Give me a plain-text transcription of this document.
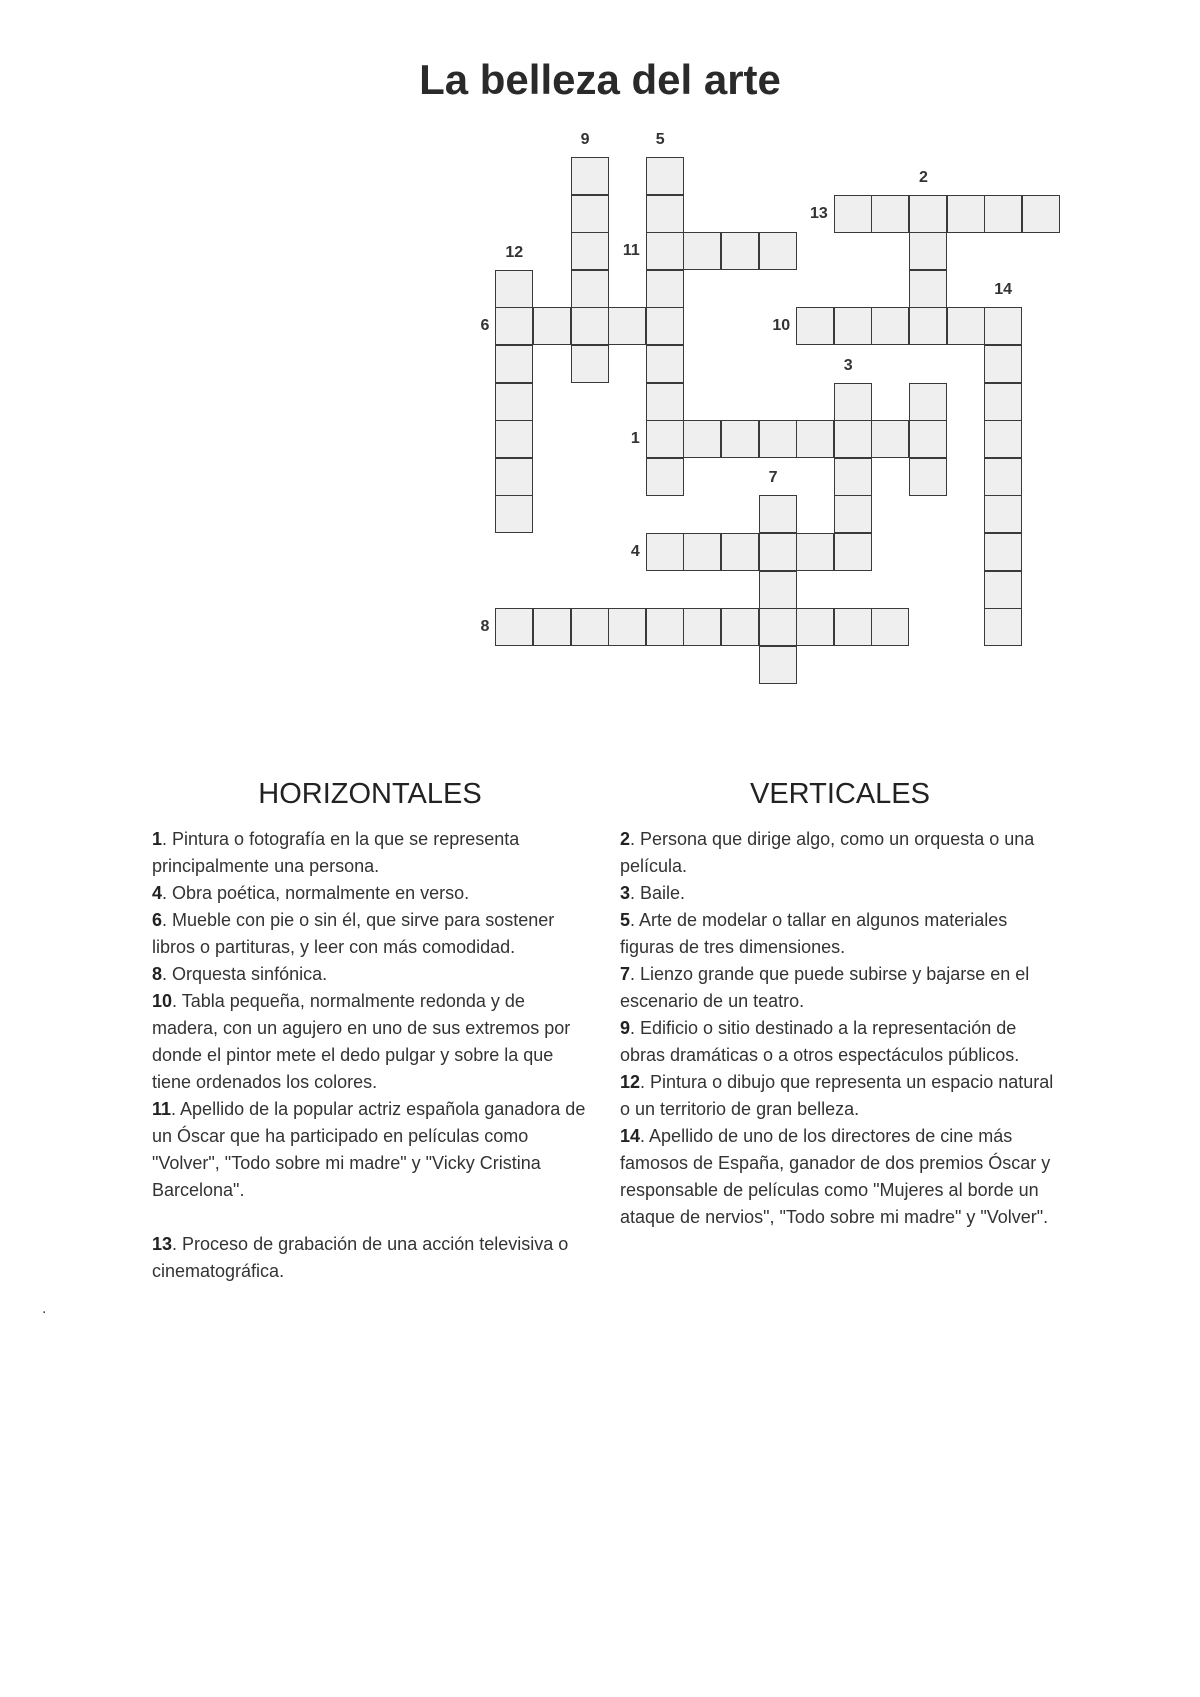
La belleza del arte
9	5
2
13
12	11
14
6	10
3
1
7
4
8
HORIZONTALES	VERTICALES
1. Pintura o fotografía en la que se representa principalmente una persona.
4. Obra poética, normalmente en verso.
6. Mueble con pie o sin él, que sirve para sostener libros o partituras, y leer con más comodidad.
8. Orquesta sinfónica.
10. Tabla pequeña, normalmente redonda y de madera, con un agujero en uno de sus extremos por donde el pintor mete el dedo pulgar y sobre la que tiene ordenados los colores.
11. Apellido de la popular actriz española ganadora de un Óscar que ha participado en películas como "Volver", "Todo sobre mi madre" y "Vicky Cristina Barcelona".
13. Proceso de grabación de una acción televisiva o cinematográfica.
2. Persona que dirige algo, como un orquesta o una película.
3. Baile.
5. Arte de modelar o tallar en algunos materiales figuras de tres dimensiones.
7. Lienzo grande que puede subirse y bajarse en el escenario de un teatro.
9. Edificio o sitio destinado a la representación de obras dramáticas o a otros espectáculos públicos.
12. Pintura o dibujo que representa un espacio natural o un territorio de gran belleza.
14. Apellido de uno de los directores de cine más famosos de España, ganador de dos premios Óscar y responsable de películas como "Mujeres al borde un ataque de nervios", "Todo sobre mi madre" y "Volver".
.
